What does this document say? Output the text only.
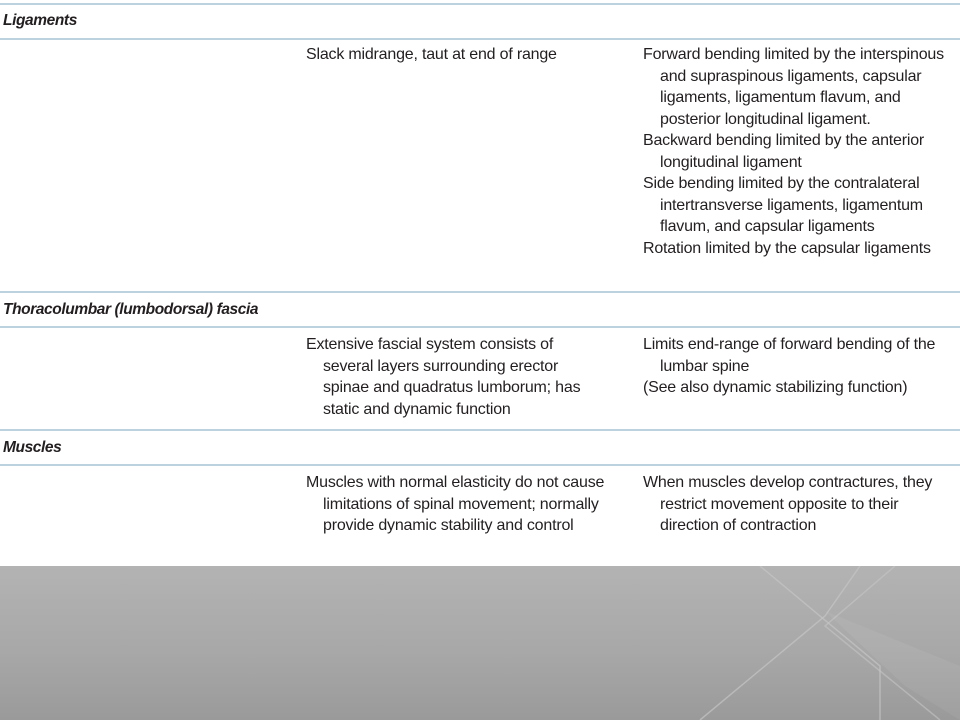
Ligaments

Slack midrange, taut at end of range	Forward bending limited by the interspinous and supraspinous ligaments, capsular ligaments, ligamentum flavum, and posterior longitudinal ligament.

Backward bending limited by the anterior longitudinal ligament

Side bending limited by the contralateral intertransverse ligaments, ligamentum flavum, and capsular ligaments

Rotation limited by the capsular ligaments

Thoracolumbar (lumbodorsal) fascia

Extensive fascial system consists of several layers surrounding erector spinae and quadratus lumborum; has static and dynamic function

Limits end-range of forward bending of the lumbar spine

(See also dynamic stabilizing function)

Muscles

Muscles with normal elasticity do not cause limitations of spinal movement; normally provide dynamic stability and control

When muscles develop contractures, they restrict movement opposite to their direction of contraction
